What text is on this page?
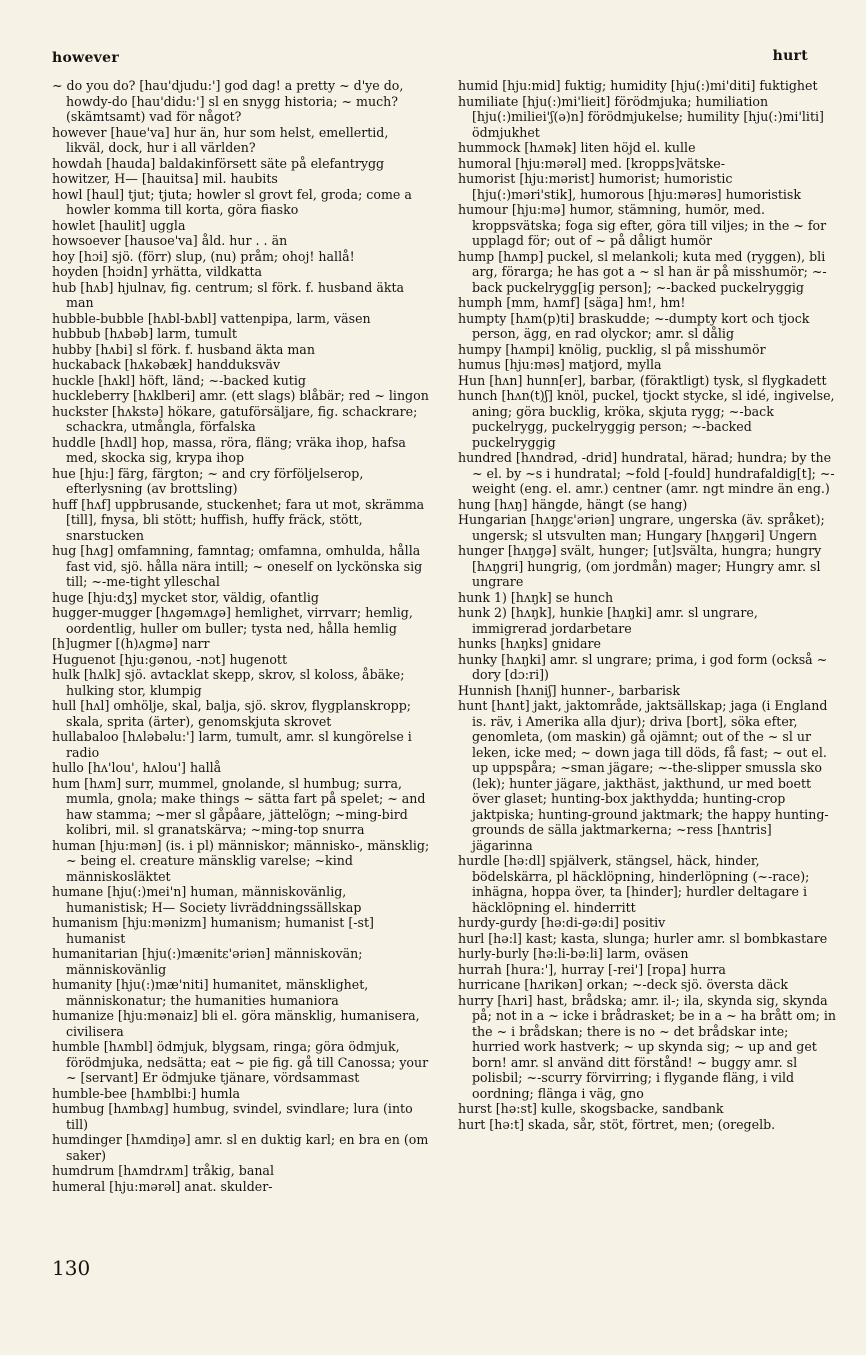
however	hurt

~ do you do? [hau'djudu:'] god dag! a pretty ~ d'ye do, howdy-do [hau'didu:'] sl en snygg historia; ~ much? (skämtsamt) vad för något?

however [haue'va] hur än, hur som helst, emellertid, likväl, dock, hur i all världen?

howdah [hauda] baldakinförsett säte på elefantrygg

howitzer, H— [hauitsa] mil. haubits

howl [haul] tjut; tjuta; howler sl grovt fel, groda; come a howler komma till korta, göra fiasko

howlet [haulit] uggla

howsoever [hausoe'va] åld. hur . . än

hoy [hɔi] sjö. (förr) slup, (nu) pråm; ohoj! hallå!

hoyden [hɔidn] yrhätta, vildkatta

hub [hʌb] hjulnav, fig. centrum; sl förk. f. husband äkta man

hubble-bubble [hʌbl-bʌbl] vattenpipa, larm, väsen

hubbub [hʌbəb] larm, tumult

hubby [hʌbi] sl förk. f. husband äkta man

huckaback [hʌkəbæk] handduksväv

huckle [hʌkl] höft, länd; ~-backed kutig

huckleberry [hʌklberi] amr. (ett slags) blåbär; red ~ lingon

huckster [hʌkstə] hökare, gatuförsäljare, fig. schackrare; schackra, utmångla, förfalska

huddle [hʌdl] hop, massa, röra, fläng; vräka ihop, hafsa med, skocka sig, krypa ihop

hue [hju:] färg, färgton; ~ and cry förföljelserop, efterlysning (av brottsling)

huff [hʌf] uppbrusande, stuckenhet; fara ut mot, skrämma [till], fnysa, bli stött; huffish, huffy fräck, stött, snarstucken

hug [hʌg] omfamning, famntag; omfamna, omhulda, hålla fast vid, sjö. hålla nära intill; ~ oneself on lyckönska sig till; ~-me-tight ylleschal

huge [hju:dʒ] mycket stor, väldig, ofantlig

hugger-mugger [hʌgəmʌgə] hemlighet, virrvarr; hemlig, oordentlig, huller om buller; tysta ned, hålla hemlig

[h]ugmer [(h)ʌgmə] narr

Huguenot [hju:gənou, -nɔt] hugenott

hulk [hʌlk] sjö. avtacklat skepp, skrov, sl koloss, åbäke; hulking stor, klumpig

hull [hʌl] omhölje, skal, balja, sjö. skrov, flygplanskropp; skala, sprita (ärter), genomskjuta skrovet

hullabaloo [hʌləbəlu:'] larm, tumult, amr. sl kungörelse i radio

hullo [hʌ'lou', hʌlou'] hallå

hum [hʌm] surr, mummel, gnolande, sl humbug; surra, mumla, gnola; make things ~ sätta fart på spelet; ~ and haw stamma; ~mer sl gåpåare, jättelögn; ~ming-bird kolibri, mil. sl granatskärva; ~ming-top snurra

human [hju:mən] (is. i pl) människor; människo-, mänsklig; ~ being el. creature mänsklig varelse; ~kind människosläktet

humane [hju(:)mei'n] human, människovänlig, humanistisk; H— Society livräddningssällskap

humanism [hju:mənizm] humanism; humanist [-st] humanist

humanitarian [hju(:)mænitε'əriən] människovän; människovänlig

humanity [hju(:)mæ'niti] humanitet, mänsklighet, människonatur; the humanities humaniora

humanize [hju:mənaiz] bli el. göra mänsklig, humanisera, civilisera

humble [hʌmbl] ödmjuk, blygsam, ringa; göra ödmjuk, förödmjuka, nedsätta; eat ~ pie fig. gå till Canossa; your ~ [servant] Er ödmjuke tjänare, vördsammast

humble-bee [hʌmblbi:] humla

humbug [hʌmbʌg] humbug, svindel, svindlare; lura (into till)

humdinger [hʌmdiŋə] amr. sl en duktig karl; en bra en (om saker)

humdrum [hʌmdrʌm] tråkig, banal

humeral [hju:mərəl] anat. skulder-

humid [hju:mid] fuktig; humidity [hju(:)mi'diti] fuktighet

humiliate [hju(:)mi'lieit] förödmjuka; humiliation [hju(:)miliei'ʃ(ə)n] förödmjukelse; humility [hju(:)mi'liti] ödmjukhet

hummock [hʌmək] liten höjd el. kulle

humoral [hju:mərəl] med. [kropps]vätske-

humorist [hju:mərist] humorist; humoristic [hju(:)məri'stik], humorous [hju:mərəs] humoristisk

humour [hju:mə] humor, stämning, humör, med. kroppsvätska; foga sig efter, göra till viljes; in the ~ for upplagd för; out of ~ på dåligt humör

hump [hʌmp] puckel, sl melankoli; kuta med (ryggen), bli arg, förarga; he has got a ~ sl han är på misshumör; ~-back puckelrygg[ig person]; ~-backed puckelryggig

humph [mm, hʌmf] [säga] hm!, hm!

humpty [hʌm(p)ti] braskudde; ~-dumpty kort och tjock person, ägg, en rad olyckor; amr. sl dålig

humpy [hʌmpi] knölig, pucklig, sl på misshumör

humus [hju:məs] matjord, mylla

Hun [hʌn] hunn[er], barbar, (föraktligt) tysk, sl flygkadett

hunch [hʌn(t)ʃ] knöl, puckel, tjockt stycke, sl idé, ingivelse, aning; göra bucklig, kröka, skjuta rygg; ~-back puckelrygg, puckelryggig person; ~-backed puckelryggig

hundred [hʌndrəd, -drid] hundratal, härad; hundra; by the ~ el. by ~s i hundratal; ~fold [-fould] hundrafaldig[t]; ~-weight (eng. el. amr.) centner (amr. ngt mindre än eng.)

hung [hʌŋ] hängde, hängt (se hang)

Hungarian [hʌŋgε'əriən] ungrare, ungerska (äv. språket); ungersk; sl utsvulten man; Hungary [hʌŋgəri] Ungern

hunger [hʌŋgə] svält, hunger; [ut]svälta, hungra; hungry [hʌŋgri] hungrig, (om jordmån) mager; Hungry amr. sl ungrare

hunk 1) [hʌŋk] se hunch

hunk 2) [hʌŋk], hunkie [hʌŋki] amr. sl ungrare, immigrerad jordarbetare

hunks [hʌŋks] gnidare

hunky [hʌŋki] amr. sl ungrare; prima, i god form (också ~ dory [dɔ:ri])

Hunnish [hʌniʃ] hunner-, barbarisk

hunt [hʌnt] jakt, jaktområde, jaktsällskap; jaga (i England is. räv, i Amerika alla djur); driva [bort], söka efter, genomleta, (om maskin) gå ojämnt; out of the ~ sl ur leken, icke med; ~ down jaga till döds, få fast; ~ out el. up uppspåra; ~sman jägare; ~-the-slipper smussla sko (lek); hunter jägare, jakthäst, jakthund, ur med boett över glaset; hunting-box jakthydda; hunting-crop jaktpiska; hunting-ground jaktmark; the happy hunting-grounds de sälla jaktmarkerna; ~ress [hʌntris] jägarinna

hurdle [hə:dl] spjälverk, stängsel, häck, hinder, bödelskärra, pl häcklöpning, hinderlöpning (~-race); inhägna, hoppa över, ta [hinder]; hurdler deltagare i häcklöpning el. hinderritt

hurdy-gurdy [hə:di-gə:di] positiv

hurl [hə:l] kast; kasta, slunga; hurler amr. sl bombkastare

hurly-burly [hə:li-bə:li] larm, oväsen

hurrah [hura:'], hurray [-rei'] [ropa] hurra

hurricane [hʌrikən] orkan; ~-deck sjö. översta däck

hurry [hʌri] hast, brådska; amr. il-; ila, skynda sig, skynda på; not in a ~ icke i brådrasket; be in a ~ ha brått om; in the ~ i brådskan; there is no ~ det brådskar inte; hurried work hastverk; ~ up skynda sig; ~ up and get born! amr. sl använd ditt förstånd! ~ buggy amr. sl polisbil; ~-scurry förvirring; i flygande fläng, i vild oordning; flänga i väg, gno

hurst [hə:st] kulle, skogsbacke, sandbank

hurt [hə:t] skada, sår, stöt, förtret, men; (oregelb.

130
